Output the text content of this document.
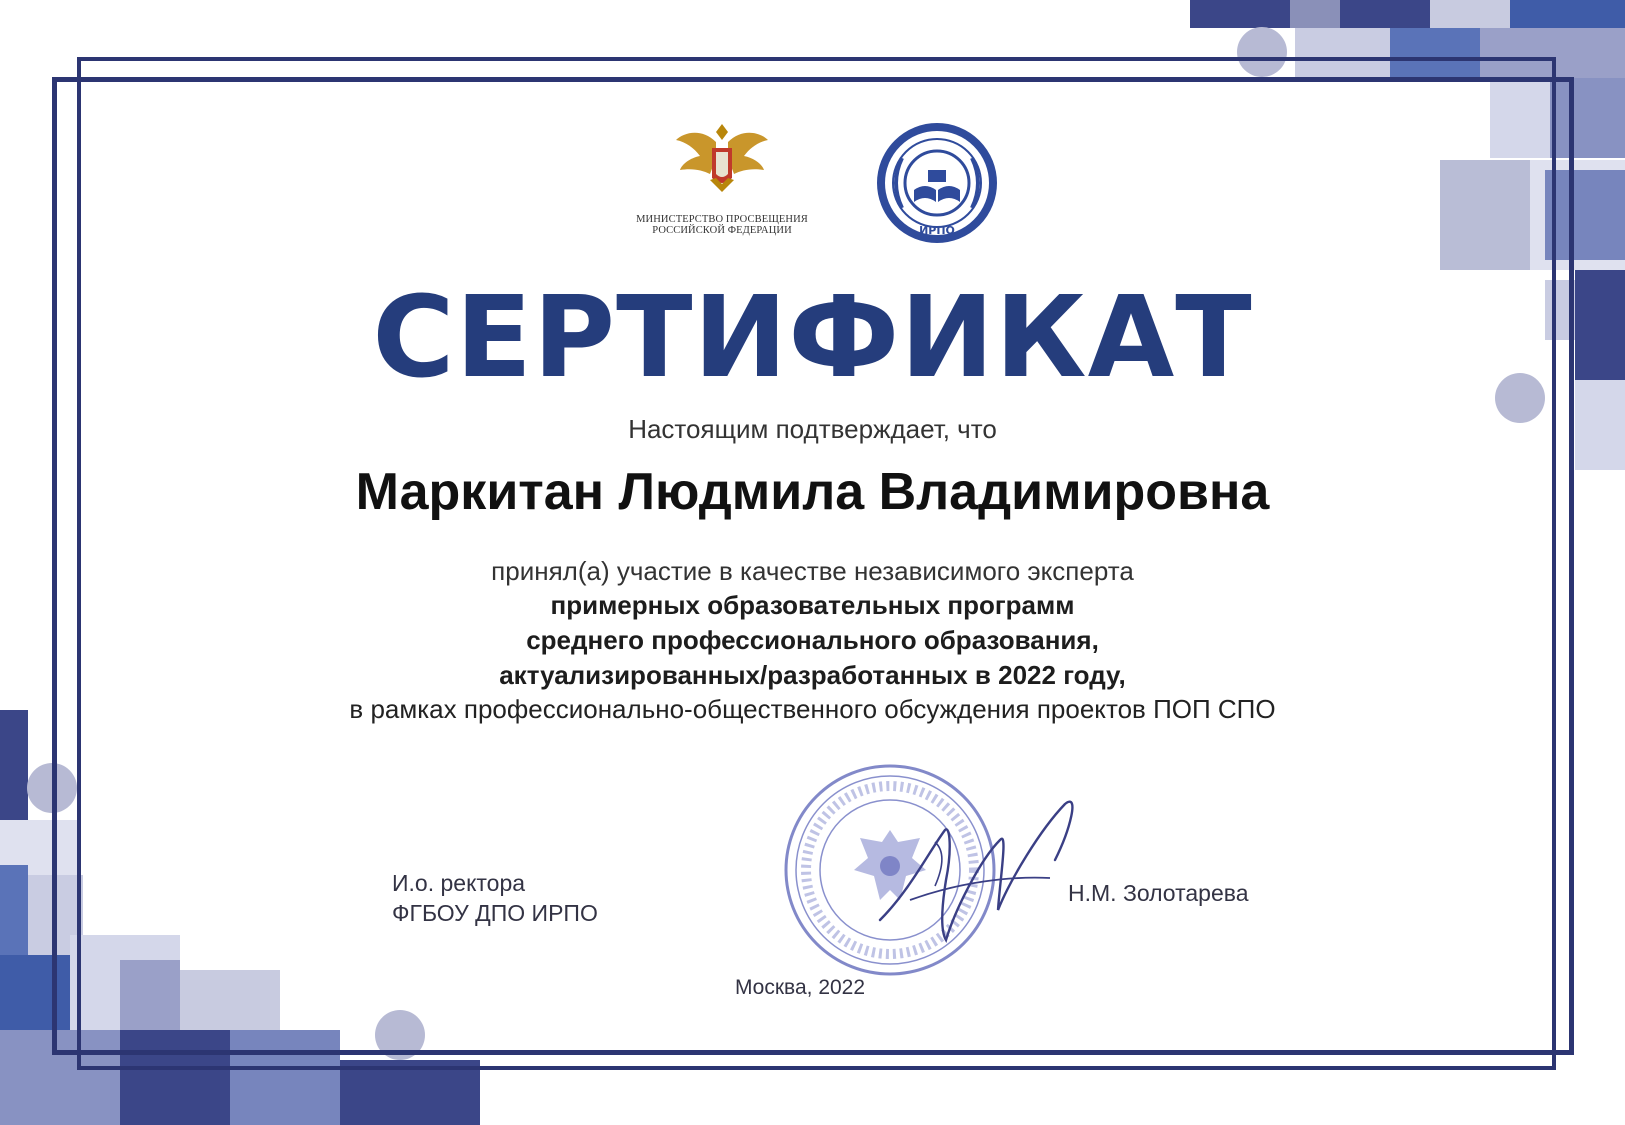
МИНИСТЕРСТВО ПРОСВЕЩЕНИЯ
РОССИЙСКОЙ ФЕДЕРАЦИИ	ИРПО
СЕРТИФИКАТ
Настоящим подтверждает, что
Маркитан Людмила Владимировна
принял(а) участие в качестве независимого эксперта
примерных образовательных программ
среднего профессионального образования,
актуализированных/разработанных в 2022 году,
в рамках профессионально-общественного обсуждения проектов ПОП СПО
И.о. ректора
ФГБОУ ДПО ИРПО
Н.М. Золотарева
Москва, 2022
